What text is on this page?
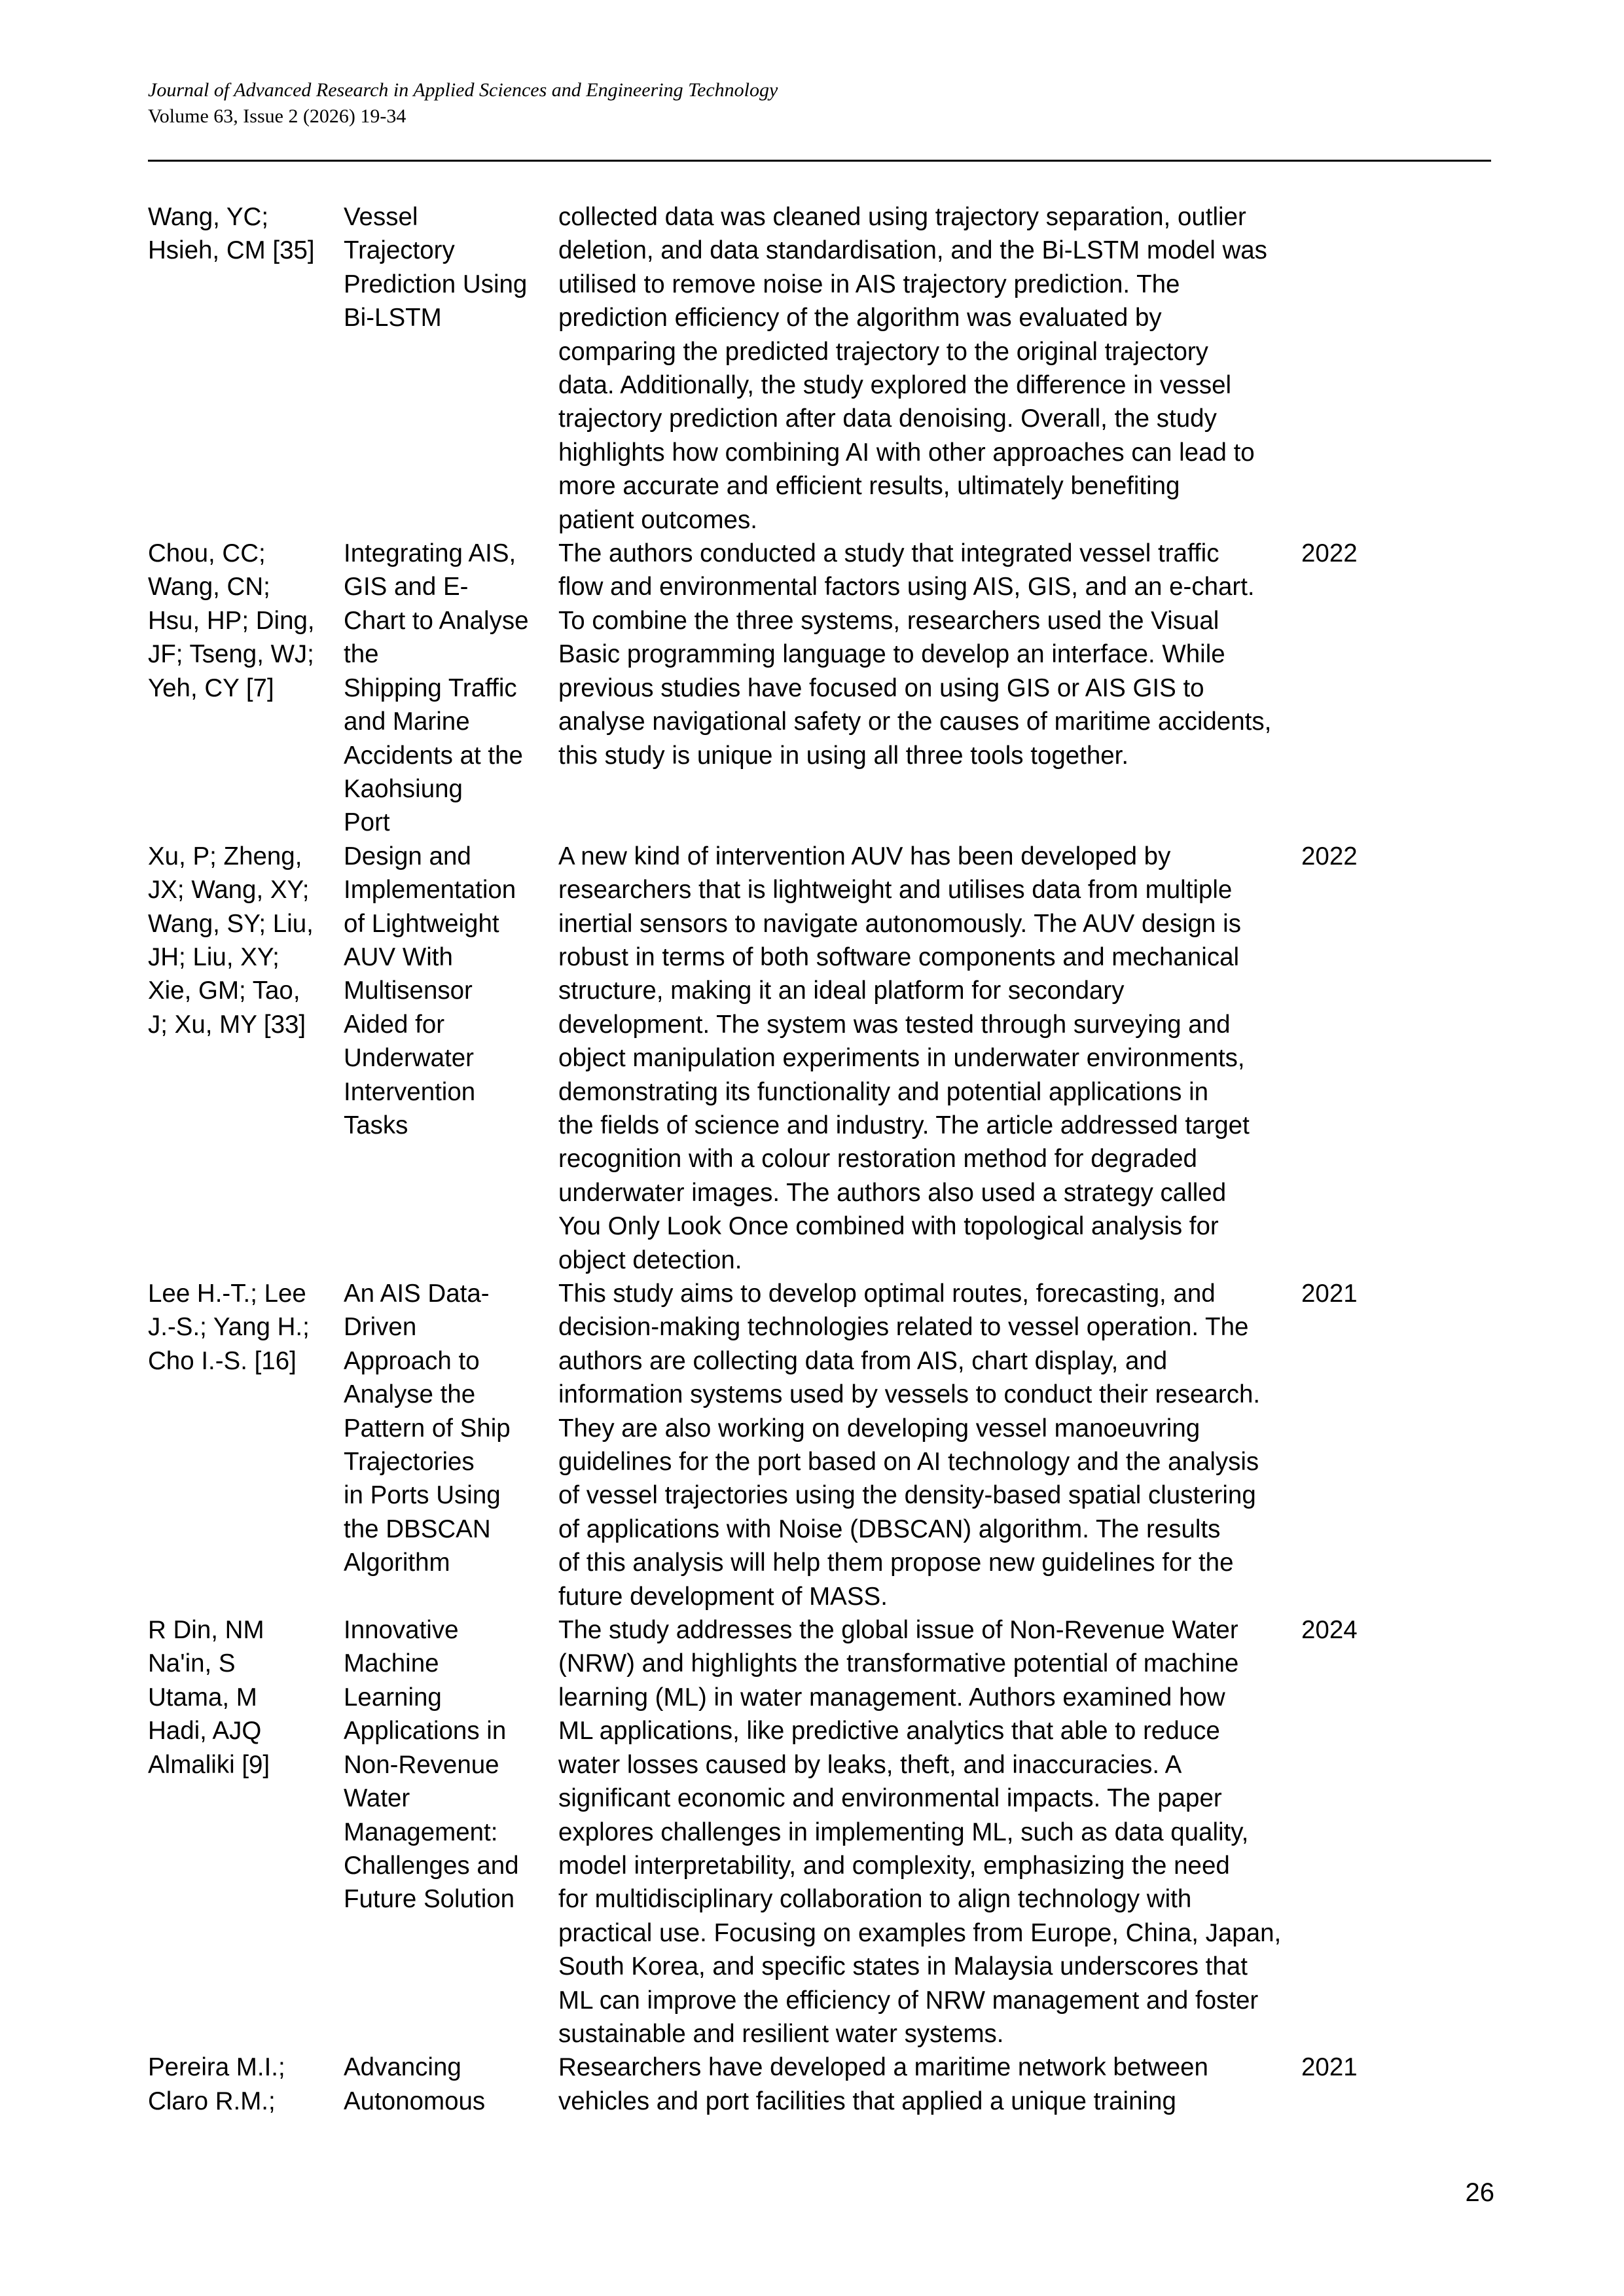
Journal of Advanced Research in Applied Sciences and Engineering Technology
Volume 63, Issue 2 (2026) 19-34
Wang, YC;
Hsieh, CM [35]
Vessel
Trajectory
Prediction Using
Bi-LSTM
collected data was cleaned using trajectory separation, outlier
deletion, and data standardisation, and the Bi-LSTM model was
utilised to remove noise in AIS trajectory prediction. The
prediction efficiency of the algorithm was evaluated by
comparing the predicted trajectory to the original trajectory
data. Additionally, the study explored the difference in vessel
trajectory prediction after data denoising. Overall, the study
highlights how combining AI with other approaches can lead to
more accurate and efficient results, ultimately benefiting
patient outcomes.
Chou, CC;
Wang, CN;
Hsu, HP; Ding,
JF; Tseng, WJ;
Yeh, CY [7]
Integrating AIS,
GIS and E-
Chart to Analyse
the
Shipping Traffic
and Marine
Accidents at the
Kaohsiung
Port
The authors conducted a study that integrated vessel traffic
flow and environmental factors using AIS, GIS, and an e-chart.
To combine the three systems, researchers used the Visual
Basic programming language to develop an interface. While
previous studies have focused on using GIS or AIS GIS to
analyse navigational safety or the causes of maritime accidents,
this study is unique in using all three tools together.
2022
Xu, P; Zheng,
JX; Wang, XY;
Wang, SY; Liu,
JH; Liu, XY;
Xie, GM; Tao,
J; Xu, MY [33]
Design and
Implementation
of Lightweight
AUV With
Multisensor
Aided for
Underwater
Intervention
Tasks
A new kind of intervention AUV has been developed by
researchers that is lightweight and utilises data from multiple
inertial sensors to navigate autonomously. The AUV design is
robust in terms of both software components and mechanical
structure, making it an ideal platform for secondary
development. The system was tested through surveying and
object manipulation experiments in underwater environments,
demonstrating its functionality and potential applications in
the fields of science and industry. The article addressed target
recognition with a colour restoration method for degraded
underwater images. The authors also used a strategy called
You Only Look Once combined with topological analysis for
object detection.
2022
Lee H.-T.; Lee
J.-S.; Yang H.;
Cho I.-S. [16]
An AIS Data-
Driven
Approach to
Analyse the
Pattern of Ship
Trajectories
in Ports Using
the DBSCAN
Algorithm
This study aims to develop optimal routes, forecasting, and
decision-making technologies related to vessel operation. The
authors are collecting data from AIS, chart display, and
information systems used by vessels to conduct their research.
They are also working on developing vessel manoeuvring
guidelines for the port based on AI technology and the analysis
of vessel trajectories using the density-based spatial clustering
of applications with Noise (DBSCAN) algorithm. The results
of this analysis will help them propose new guidelines for the
future development of MASS.
2021
R Din, NM
Na'in, S
Utama, M
Hadi, AJQ
Almaliki [9]
Innovative
Machine
Learning
Applications in
Non-Revenue
Water
Management:
Challenges and
Future Solution
The study addresses the global issue of Non-Revenue Water
(NRW) and highlights the transformative potential of machine
learning (ML) in water management. Authors examined how
ML applications, like predictive analytics that able to reduce
water losses caused by leaks, theft, and inaccuracies. A
significant economic and environmental impacts. The paper
explores challenges in implementing ML, such as data quality,
model interpretability, and complexity, emphasizing the need
for multidisciplinary collaboration to align technology with
practical use. Focusing on examples from Europe, China, Japan,
South Korea, and specific states in Malaysia underscores that
ML can improve the efficiency of NRW management and foster
sustainable and resilient water systems.
2024
Pereira M.I.;
Claro R.M.;
Advancing
Autonomous
Researchers have developed a maritime network between
vehicles and port facilities that applied a unique training
2021
26
